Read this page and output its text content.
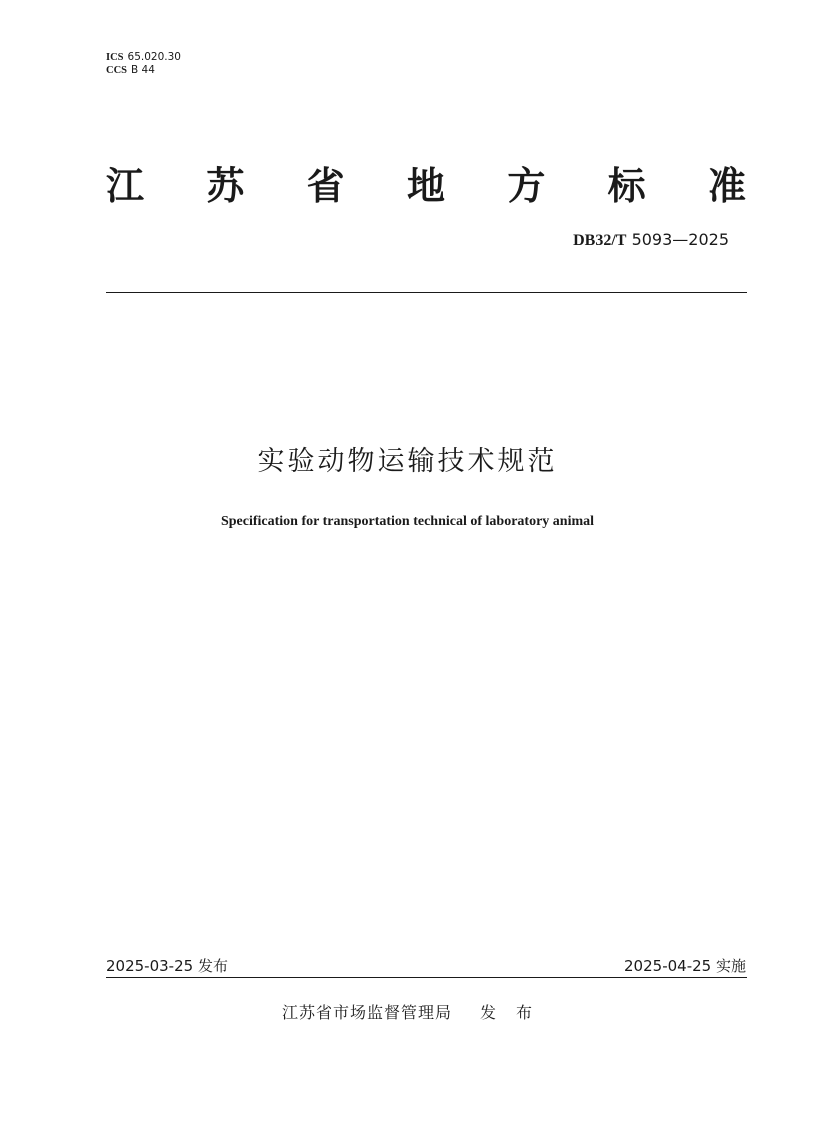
ICS 65.020.30
CCS B 44
江 苏 省 地 方 标 准
DB32/T 5093—2025
实验动物运输技术规范
Specification for transportation technical of laboratory animal
2025-03-25 发布	2025-04-25 实施
江苏省市场监督管理局 发布
